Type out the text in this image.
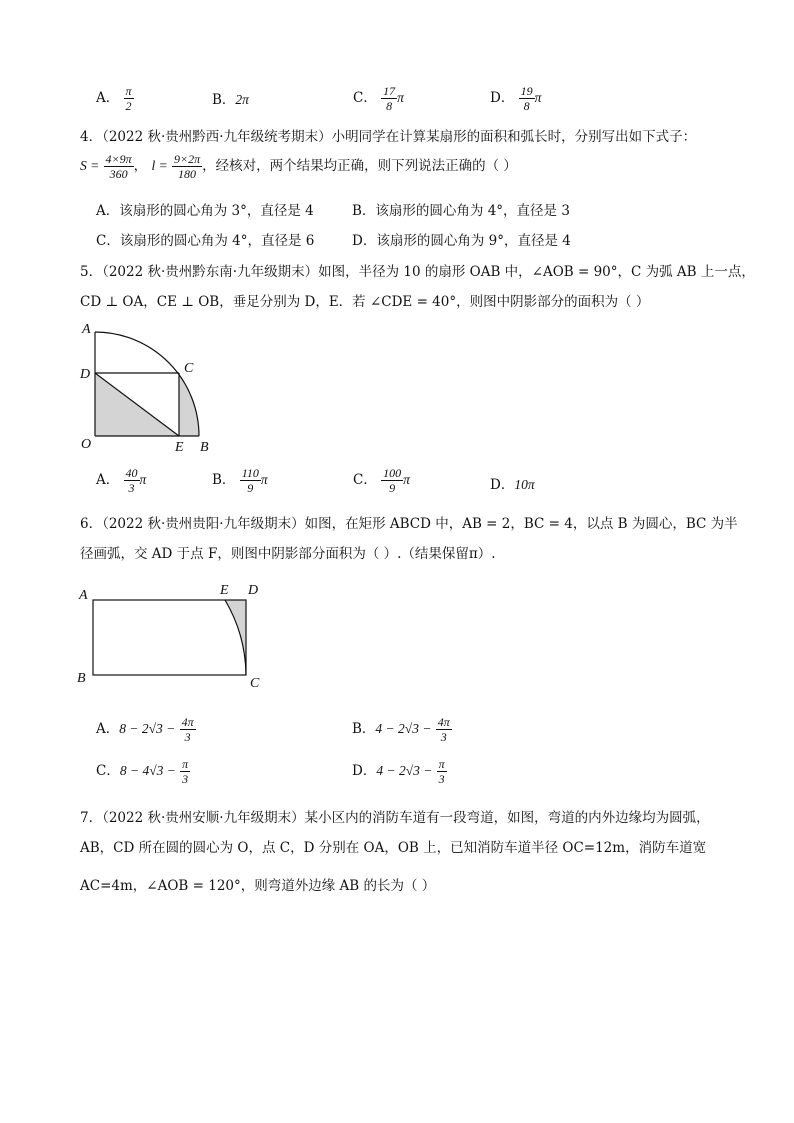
A． $\frac{\pi}{2}$	B．2π	C． $\frac{17}{8}$ π	D． $\frac{19}{8}$ π
4．（2022 秋·贵州黔西·九年级统考期末）小明同学在计算某扇形的面积和弧长时，分别写出如下式子：
$S = \frac{4\times 9\pi}{360}$ ， $l = \frac{9\times 2\pi}{180}$ ，经核对，两个结果均正确，则下列说法正确的（ ）
A．该扇形的圆心角为 3°，直径是 4	B．该扇形的圆心角为 4°，直径是 3
C．该扇形的圆心角为 4°，直径是 6	D．该扇形的圆心角为 9°，直径是 4
5．（2022 秋·贵州黔东南·九年级期末）如图，半径为 10 的扇形 OAB 中，∠AOB = 90°，C 为弧 AB 上一点，
CD ⊥ OA，CE ⊥ OB，垂足分别为 D，E．若 ∠CDE = 40°，则图中阴影部分的面积为（ ）
A
D	C
O	E B
A． $\frac{40}{3}$ π	B． $\frac{110}{9}$ π	C． $\frac{100}{9}$ π	D．10π
6．（2022 秋·贵州贵阳·九年级期末）如图，在矩形 ABCD 中，AB = 2，BC = 4，以点 B 为圆心，BC 为半
径画弧，交 AD 于点 F，则图中阴影部分面积为（ ）.（结果保留π）.
A	E D
B	C
A．$8 - 2√3 - \frac{4\pi}{3}$	B．$4 - 2√3 - \frac{4\pi}{3}$
C．$8 - 4√3 - \frac{\pi}{3}$	D．$4 - 2√3 - \frac{\pi}{3}$
7．（2022 秋·贵州安顺·九年级期末）某小区内的消防车道有一段弯道，如图，弯道的内外边缘均为圆弧，
AB，CD 所在圆的圆心为 O，点 C，D 分别在 OA，OB 上，已知消防车道半径 OC=12m，消防车道宽
AC=4m，∠AOB = 120°，则弯道外边缘 AB 的长为（ ）
